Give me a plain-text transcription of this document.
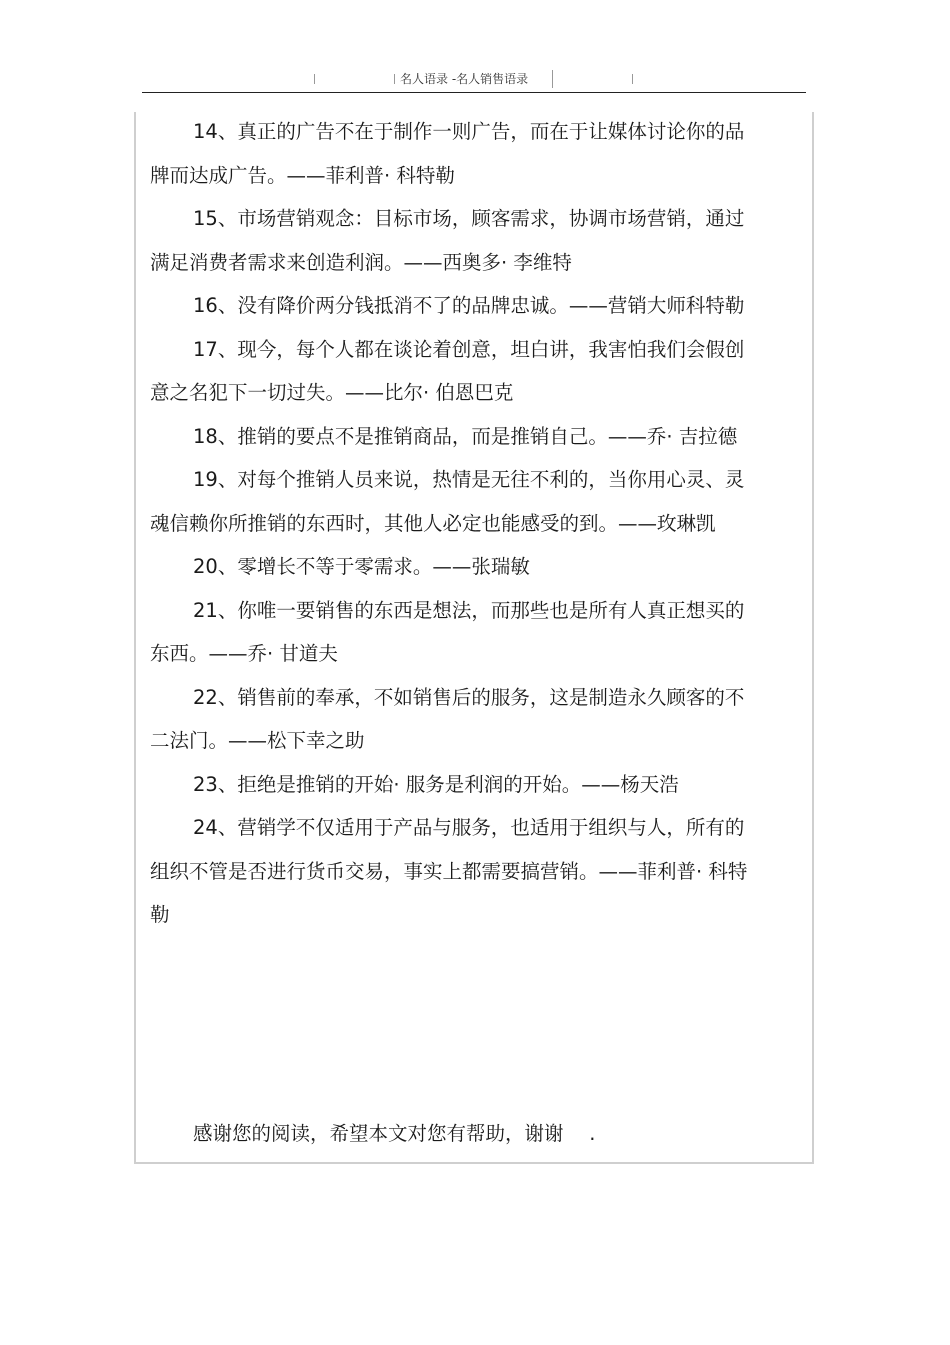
名人语录 -名人销售语录

14、真正的广告不在于制作一则广告，而在于让媒体讨论你的品牌而达成广告。——菲利普· 科特勒

15、市场营销观念：目标市场，顾客需求，协调市场营销，通过满足消费者需求来创造利润。——西奥多· 李维特

16、没有降价两分钱抵消不了的品牌忠诚。——营销大师科特勒

17、现今，每个人都在谈论着创意，坦白讲，我害怕我们会假创意之名犯下一切过失。——比尔· 伯恩巴克

18、推销的要点不是推销商品，而是推销自己。——乔· 吉拉德

19、对每个推销人员来说，热情是无往不利的，当你用心灵、灵魂信赖你所推销的东西时，其他人必定也能感受的到。——玫琳凯

20、零增长不等于零需求。——张瑞敏

21、你唯一要销售的东西是想法，而那些也是所有人真正想买的东西。——乔· 甘道夫

22、销售前的奉承，不如销售后的服务，这是制造永久顾客的不二法门。——松下幸之助

23、拒绝是推销的开始· 服务是利润的开始。——杨天浩

24、营销学不仅适用于产品与服务，也适用于组织与人，所有的组织不管是否进行货币交易，事实上都需要搞营销。——菲利普· 科特勒

感谢您的阅读，希望本文对您有帮助，谢谢　 .
